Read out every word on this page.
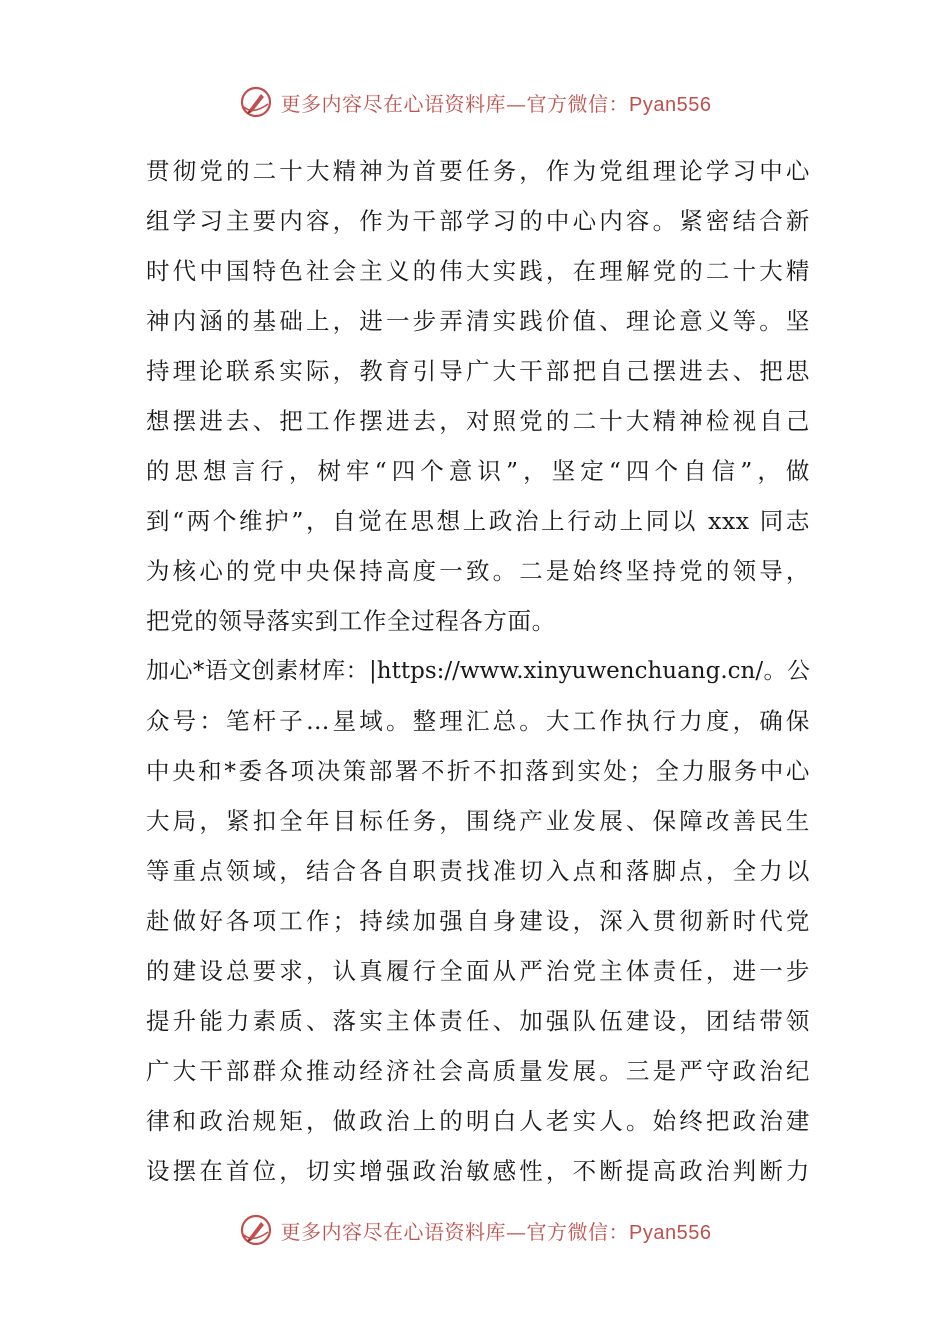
更多内容尽在心语资料库—官方微信：Pyan556
贯彻党的二十大精神为首要任务，作为党组理论学习中心
组学习主要内容，作为干部学习的中心内容。紧密结合新
时代中国特色社会主义的伟大实践，在理解党的二十大精
神内涵的基础上，进一步弄清实践价值、理论意义等。坚
持理论联系实际，教育引导广大干部把自己摆进去、把思
想摆进去、把工作摆进去，对照党的二十大精神检视自己
的思想言行，树牢“四个意识”，坚定“四个自信”，做
到“两个维护”，自觉在思想上政治上行动上同以 xxx 同志
为核心的党中央保持高度一致。二是始终坚持党的领导，
把党的领导落实到工作全过程各方面。
加心*语文创素材库：|https://www.xinyuwenchuang.cn/。公
众号：笔杆子…星域。整理汇总。大工作执行力度，确保
中央和*委各项决策部署不折不扣落到实处；全力服务中心
大局，紧扣全年目标任务，围绕产业发展、保障改善民生
等重点领域，结合各自职责找准切入点和落脚点，全力以
赴做好各项工作；持续加强自身建设，深入贯彻新时代党
的建设总要求，认真履行全面从严治党主体责任，进一步
提升能力素质、落实主体责任、加强队伍建设，团结带领
广大干部群众推动经济社会高质量发展。三是严守政治纪
律和政治规矩，做政治上的明白人老实人。始终把政治建
设摆在首位，切实增强政治敏感性，不断提高政治判断力
更多内容尽在心语资料库—官方微信：Pyan556
